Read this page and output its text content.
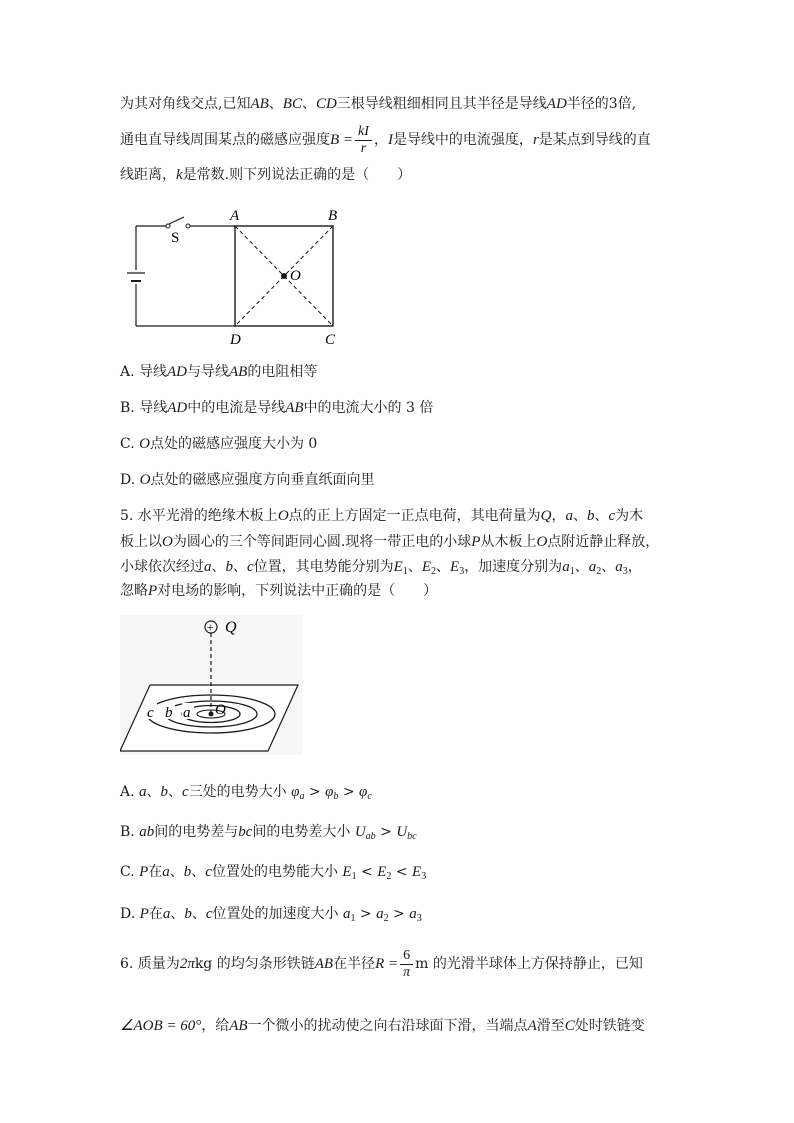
为其对角线交点,已知AB、BC、CD三根导线粗细相同且其半径是导线AD半径的3倍,
通电直导线周围某点的磁感应强度$B = \frac{kI}{r}$ ，I是导线中的电流强度，r是某点到导线的直
线距离，k是常数.则下列说法正确的是（　　）
S
A	B
D	C
O
A. 导线AD与导线AB的电阻相等
B. 导线AD中的电流是导线AB中的电流大小的 3 倍
C. O点处的磁感应强度大小为 0
D. O点处的磁感应强度方向垂直纸面向里
5. 水平光滑的绝缘木板上O点的正上方固定一正点电荷，其电荷量为Q，a、b、c为木
板上以O为圆心的三个等间距同心圆.现将一带正电的小球P从木板上O点附近静止释放，
小球依次经过a、b、c位置，其电势能分别为$E_1$、$E_2$、$E_3$，加速度分别为$a_1$、$a_2$、$a_3$，
忽略P对电场的影响，下列说法中正确的是（　　）
+ Q
O
a
b
c
A. a、b、c三处的电势大小 $\varphi_a > \varphi_b > \varphi_c$
B. ab间的电势差与bc间的电势差大小 $U_{ab} > U_{bc}$
C. P在a、b、c位置处的电势能大小 $E_1 < E_2 < E_3$
D. P在a、b、c位置处的加速度大小 $a_1 > a_2 > a_3$
6. 质量为2πkg 的均匀条形铁链AB在半径$R = \frac{6}{\pi}$ m 的光滑半球体上方保持静止，已知
∠AOB = 60°，给AB一个微小的扰动使之向右沿球面下滑，当端点A滑至C处时铁链变
